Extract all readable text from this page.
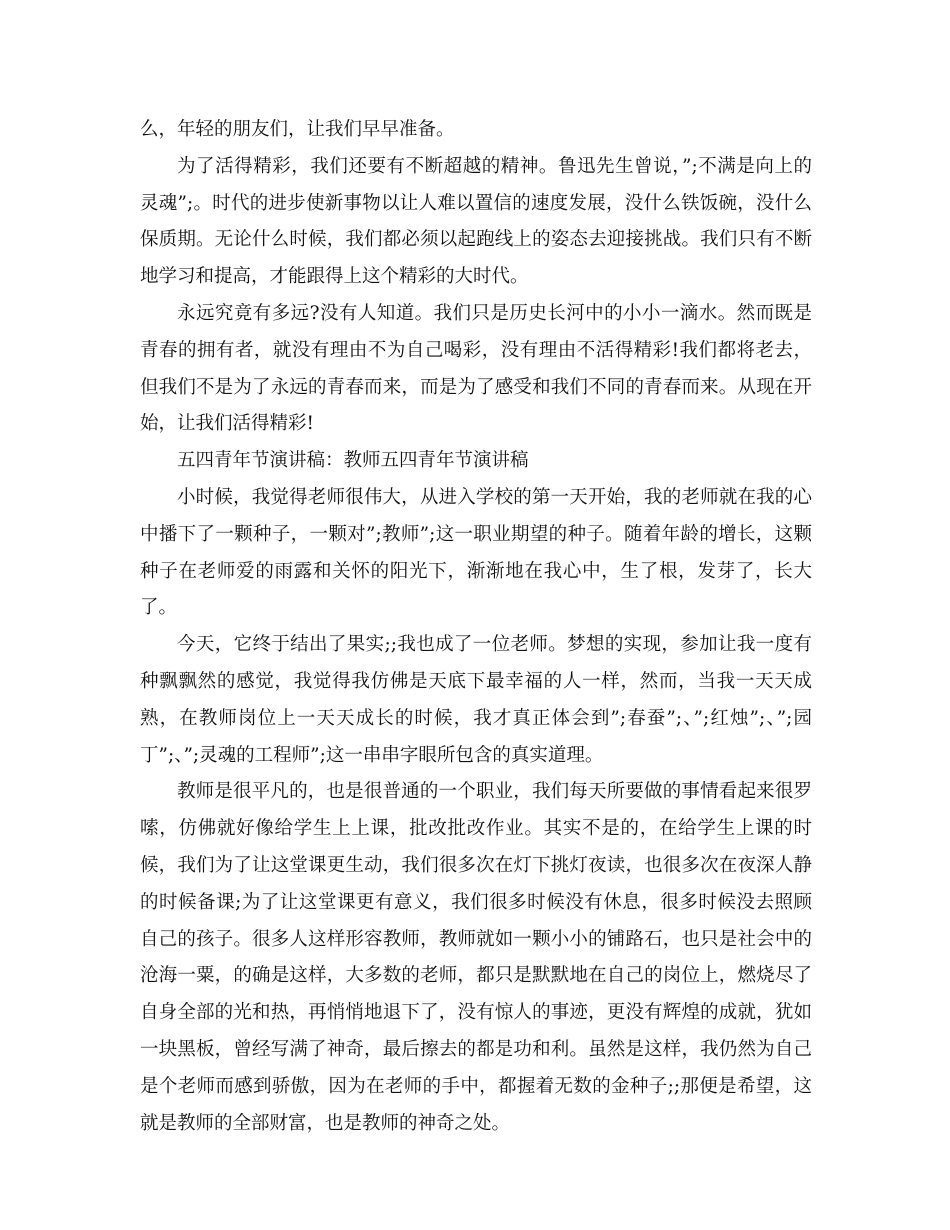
么，年轻的朋友们，让我们早早准备。

为了活得精彩，我们还要有不断超越的精神。鲁迅先生曾说，”;不满是向上的灵魂”;。时代的进步使新事物以让人难以置信的速度发展，没什么铁饭碗，没什么保质期。无论什么时候，我们都必须以起跑线上的姿态去迎接挑战。我们只有不断地学习和提高，才能跟得上这个精彩的大时代。

永远究竟有多远?没有人知道。我们只是历史长河中的小小一滴水。然而既是青春的拥有者，就没有理由不为自己喝彩，没有理由不活得精彩!我们都将老去，但我们不是为了永远的青春而来，而是为了感受和我们不同的青春而来。从现在开始，让我们活得精彩!

五四青年节演讲稿：教师五四青年节演讲稿

小时候，我觉得老师很伟大，从进入学校的第一天开始，我的老师就在我的心中播下了一颗种子，一颗对”;教师”;这一职业期望的种子。随着年龄的增长，这颗种子在老师爱的雨露和关怀的阳光下，渐渐地在我心中，生了根，发芽了，长大了。

今天，它终于结出了果实;;我也成了一位老师。梦想的实现，参加让我一度有种飘飘然的感觉，我觉得我仿佛是天底下最幸福的人一样，然而，当我一天天成熟，在教师岗位上一天天成长的时候，我才真正体会到”;春蚕”;、”;红烛”;、”;园丁”;、”;灵魂的工程师”;这一串串字眼所包含的真实道理。

教师是很平凡的，也是很普通的一个职业，我们每天所要做的事情看起来很罗嗦，仿佛就好像给学生上上课，批改批改作业。其实不是的，在给学生上课的时候，我们为了让这堂课更生动，我们很多次在灯下挑灯夜读，也很多次在夜深人静的时候备课;为了让这堂课更有意义，我们很多时候没有休息，很多时候没去照顾自己的孩子。很多人这样形容教师，教师就如一颗小小的铺路石，也只是社会中的沧海一粟，的确是这样，大多数的老师，都只是默默地在自己的岗位上，燃烧尽了自身全部的光和热，再悄悄地退下了，没有惊人的事迹，更没有辉煌的成就，犹如一块黑板，曾经写满了神奇，最后擦去的都是功和利。虽然是这样，我仍然为自己是个老师而感到骄傲，因为在老师的手中，都握着无数的金种子;;那便是希望，这就是教师的全部财富，也是教师的神奇之处。
